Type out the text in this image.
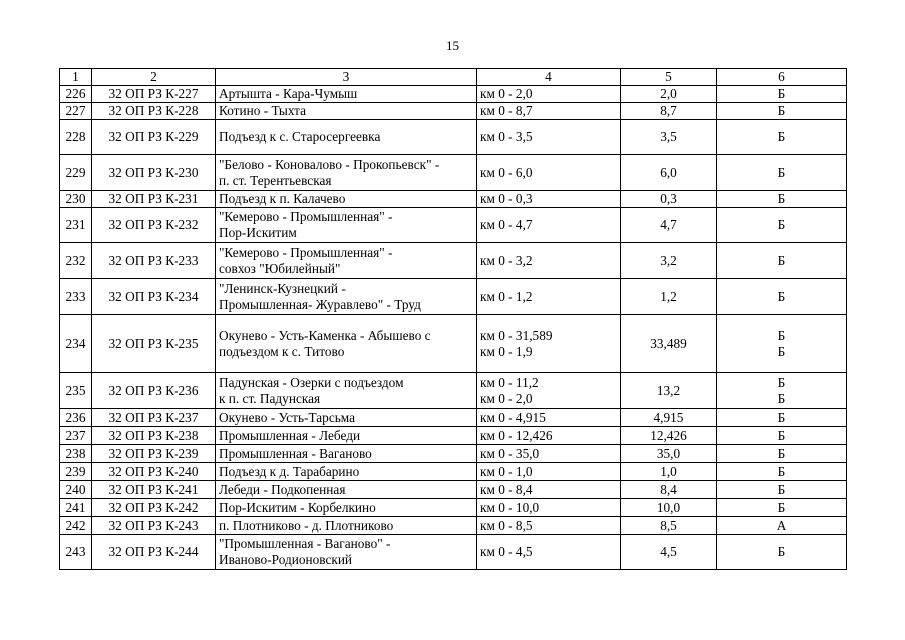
15
1	2	3	4	5	6
226	32 ОП РЗ К-227	Артышта - Кара-Чумыш	км 0 - 2,0	2,0	Б

227	32 ОП РЗ К-228	Котино - Тыхта	км 0 - 8,7	8,7	Б

228	32 ОП РЗ К-229	Подъезд к с. Старосергеевка	км 0 - 3,5	3,5	Б

229	32 ОП РЗ К-230	"Белово - Коновалово - Прокопьевск" -
п. ст. Терентьевская	км 0 - 6,0	6,0	Б

230	32 ОП РЗ К-231	Подъезд к п. Калачево	км 0 - 0,3	0,3	Б

231	32 ОП РЗ К-232	"Кемерово - Промышленная" -
Пор-Искитим	км 0 - 4,7	4,7	Б

232	32 ОП РЗ К-233	"Кемерово - Промышленная" -
совхоз "Юбилейный"	км 0 - 3,2	3,2	Б

233	32 ОП РЗ К-234	"Ленинск-Кузнецкий -
Промышленная- Журавлево" - Труд	км 0 - 1,2	1,2	Б

234	32 ОП РЗ К-235	Окунево - Усть-Каменка - Абышево с
подъездом к с. Титово	км 0 - 31,589
км 0 - 1,9	33,489	Б
Б

235	32 ОП РЗ К-236	Падунская - Озерки с подъездом
к п. ст. Падунская	км 0 - 11,2
км 0 - 2,0	13,2	Б
Б

236	32 ОП РЗ К-237	Окунево - Усть-Тарсьма	км 0 - 4,915	4,915	Б

237	32 ОП РЗ К-238	Промышленная - Лебеди	км 0 - 12,426	12,426	Б

238	32 ОП РЗ К-239	Промышленная - Ваганово	км 0 - 35,0	35,0	Б

239	32 ОП РЗ К-240	Подъезд к д. Тарабарино	км 0 - 1,0	1,0	Б

240	32 ОП РЗ К-241	Лебеди - Подкопенная	км 0 - 8,4	8,4	Б

241	32 ОП РЗ К-242	Пор-Искитим - Корбелкино	км 0 - 10,0	10,0	Б

242	32 ОП РЗ К-243	п. Плотниково - д. Плотниково	км 0 - 8,5	8,5	А

243	32 ОП РЗ К-244	"Промышленная - Ваганово" -
Иваново-Родионовский	км 0 - 4,5	4,5	Б
